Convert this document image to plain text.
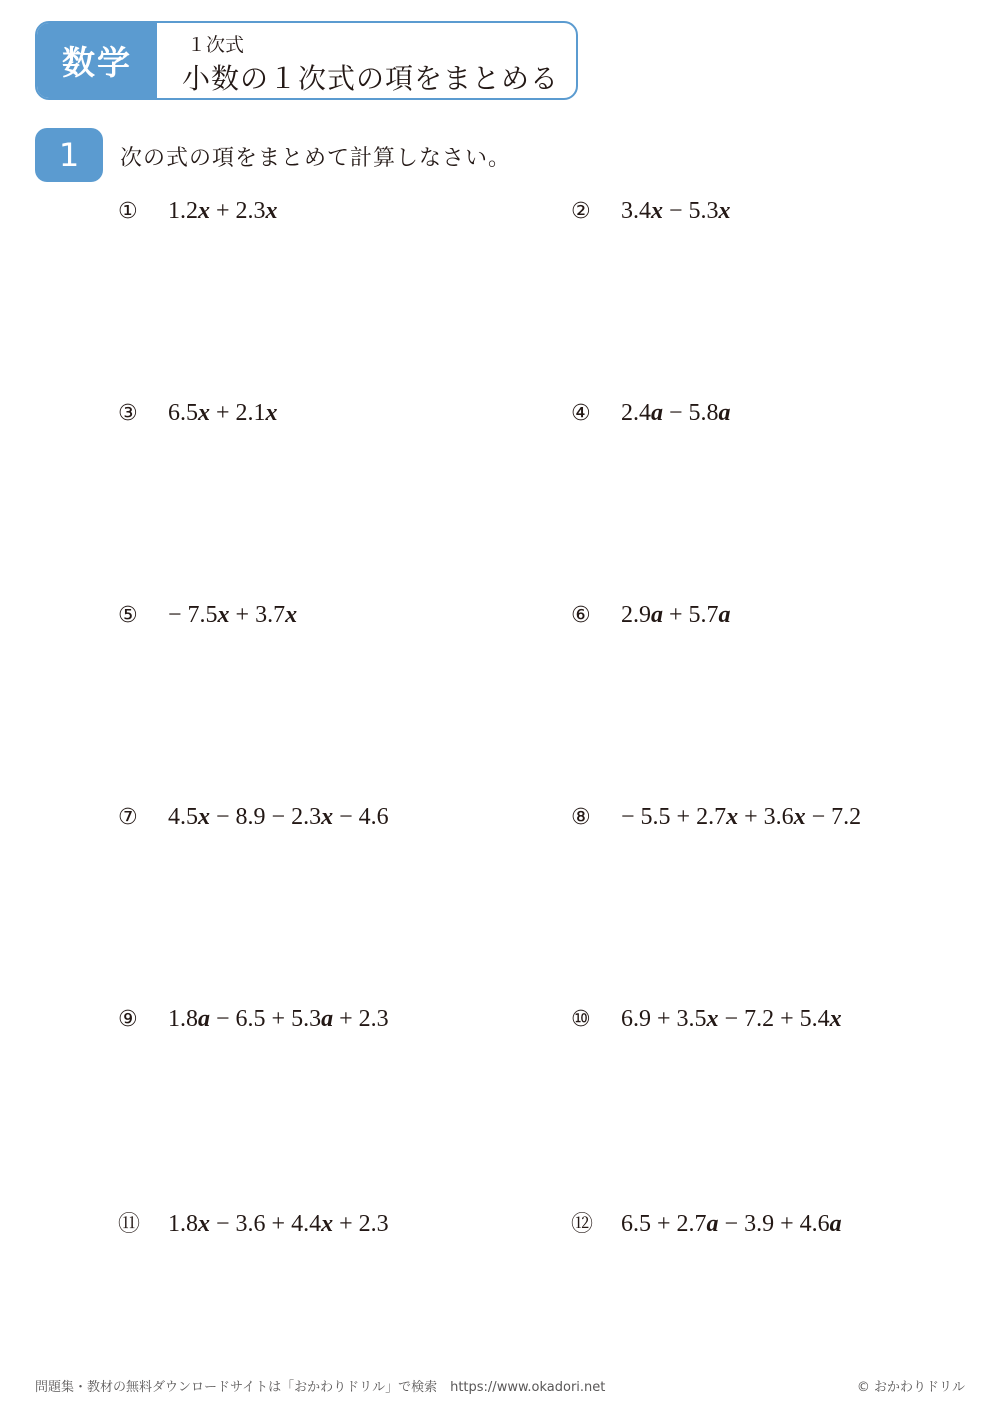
数学	１次式
小数の１次式の項をまとめる
1	次の式の項をまとめて計算しなさい。
①	1.2x + 2.3x	②	3.4x − 5.3x
③	6.5x + 2.1x	④	2.4a − 5.8a
⑤	− 7.5x + 3.7x	⑥	2.9a + 5.7a
⑦	4.5x − 8.9 − 2.3x − 4.6	⑧	− 5.5 + 2.7x + 3.6x − 7.2
⑨	1.8a − 6.5 + 5.3a + 2.3	⑩	6.9 + 3.5x − 7.2 + 5.4x
⑪	1.8x − 3.6 + 4.4x + 2.3	⑫	6.5 + 2.7a − 3.9 + 4.6a
問題集・教材の無料ダウンロードサイトは「おかわりドリル」で検索　https://www.okadori.net	© おかわりドリル
